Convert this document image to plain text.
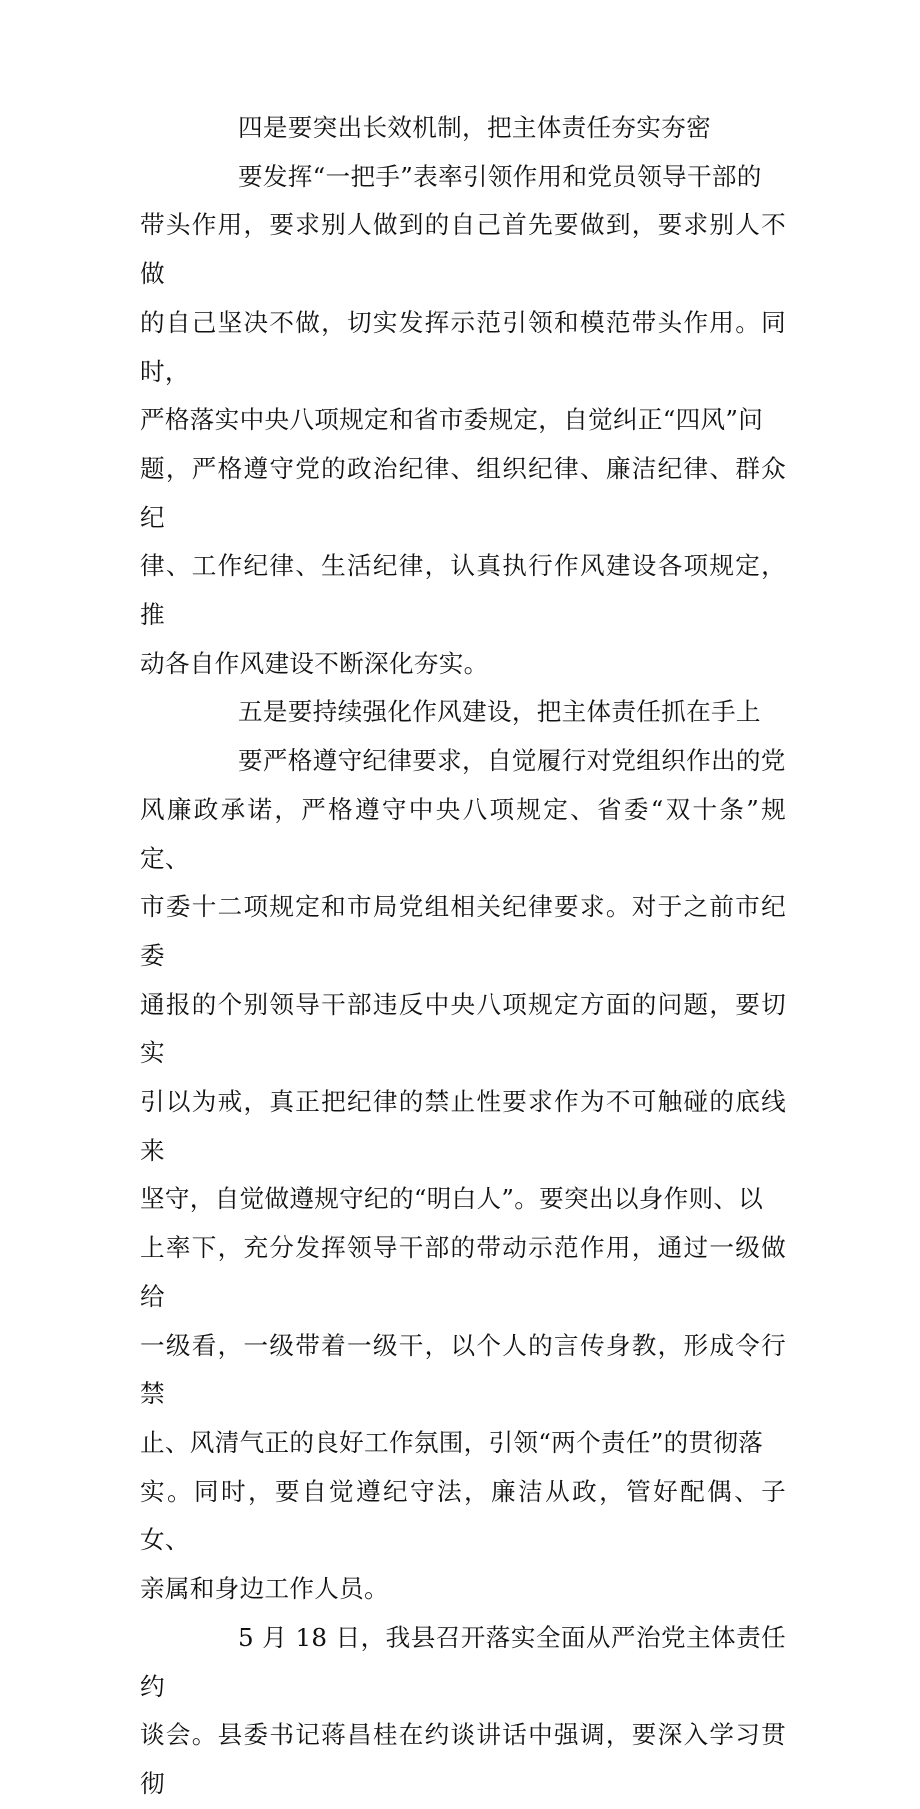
四是要突出长效机制，把主体责任夯实夯密

要发挥“一把手”表率引领作用和党员领导干部的
带头作用，要求别人做到的自己首先要做到，要求别人不做
的自己坚决不做，切实发挥示范引领和模范带头作用。同时，
严格落实中央八项规定和省市委规定，自觉纠正“四风”问
题，严格遵守党的政治纪律、组织纪律、廉洁纪律、群众纪
律、工作纪律、生活纪律，认真执行作风建设各项规定，推
动各自作风建设不断深化夯实。

五是要持续强化作风建设，把主体责任抓在手上

要严格遵守纪律要求，自觉履行对党组织作出的党
风廉政承诺，严格遵守中央八项规定、省委“双十条”规定、
市委十二项规定和市局党组相关纪律要求。对于之前市纪委
通报的个别领导干部违反中央八项规定方面的问题，要切实
引以为戒，真正把纪律的禁止性要求作为不可触碰的底线来
坚守，自觉做遵规守纪的“明白人”。要突出以身作则、以
上率下，充分发挥领导干部的带动示范作用，通过一级做给
一级看，一级带着一级干，以个人的言传身教，形成令行禁
止、风清气正的良好工作氛围，引领“两个责任”的贯彻落
实。同时，要自觉遵纪守法，廉洁从政，管好配偶、子女、
亲属和身边工作人员。

5 月 18 日，我县召开落实全面从严治党主体责任约
谈会。县委书记蒋昌桂在约谈讲话中强调，要深入学习贯彻
